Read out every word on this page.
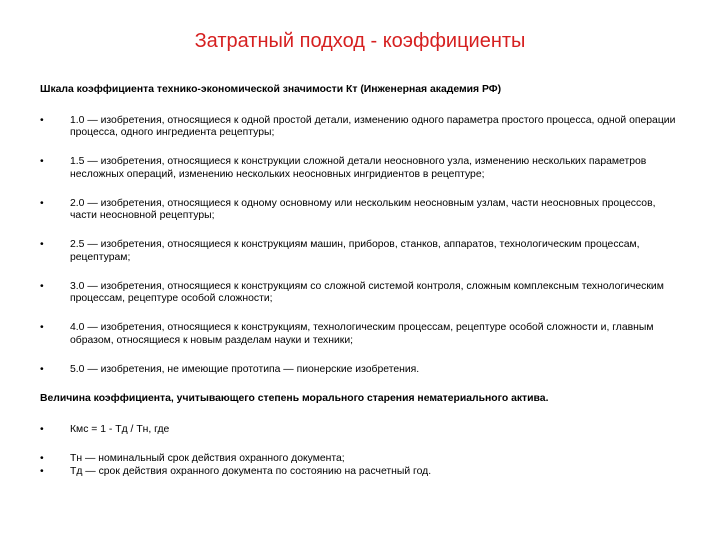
Затратный подход - коэффициенты

Шкала коэффициента технико-экономической значимости Кт (Инженерная академия РФ)

•	1.0 — изобретения, относящиеся к одной простой детали, изменению одного параметра простого процесса, одной операции процесса, одного ингредиента рецептуры;
•	1.5 — изобретения, относящиеся к конструкции сложной детали неосновного узла, изменению нескольких параметров несложных операций, изменению нескольких неосновных ингридиентов в рецептуре;
•	2.0 — изобретения, относящиеся к одному основному или нескольким неосновным узлам, части неосновных процессов, части неосновной рецептуры;
•	2.5 — изобретения, относящиеся к конструкциям машин, приборов, станков, аппаратов, технологическим процессам, рецептурам;
•	3.0 — изобретения, относящиеся к конструкциям со сложной системой контроля, сложным комплексным технологическим процессам, рецептуре особой сложности;
•	4.0 — изобретения, относящиеся к конструкциям, технологическим процессам, рецептуре особой сложности и, главным образом, относящиеся к новым разделам науки и техники;
•	5.0 — изобретения, не имеющие прототипа — пионерские изобретения.

Величина коэффициента, учитывающего степень морального старения нематериального актива.

•	Кмс = 1 - Тд / Тн, где
•	Тн — номинальный срок действия охранного документа;
•	Тд — срок действия охранного документа по состоянию на расчетный год.
